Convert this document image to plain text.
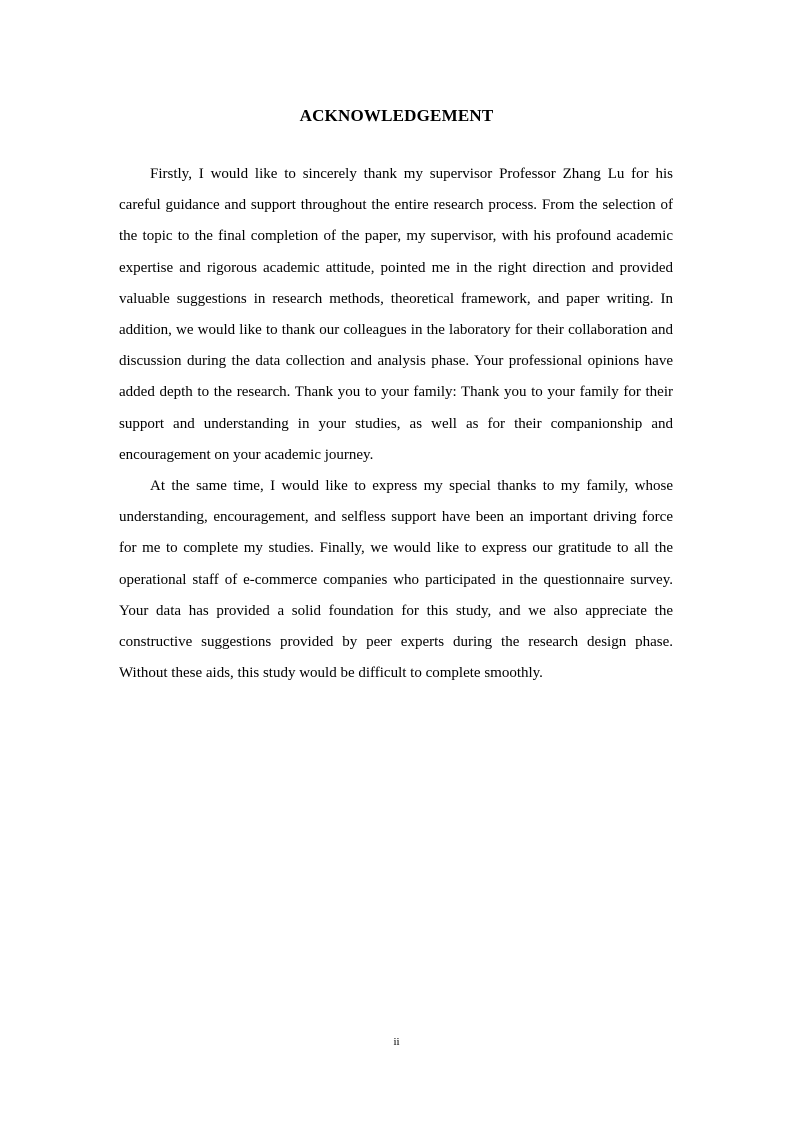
ACKNOWLEDGEMENT

Firstly, I would like to sincerely thank my supervisor Professor Zhang Lu for his careful guidance and support throughout the entire research process. From the selection of the topic to the final completion of the paper, my supervisor, with his profound academic expertise and rigorous academic attitude, pointed me in the right direction and provided valuable suggestions in research methods, theoretical framework, and paper writing. In addition, we would like to thank our colleagues in the laboratory for their collaboration and discussion during the data collection and analysis phase. Your professional opinions have added depth to the research. Thank you to your family: Thank you to your family for their support and understanding in your studies, as well as for their companionship and encouragement on your academic journey.

At the same time, I would like to express my special thanks to my family, whose understanding, encouragement, and selfless support have been an important driving force for me to complete my studies. Finally, we would like to express our gratitude to all the operational staff of e-commerce companies who participated in the questionnaire survey. Your data has provided a solid foundation for this study, and we also appreciate the constructive suggestions provided by peer experts during the research design phase. Without these aids, this study would be difficult to complete smoothly.

ii
